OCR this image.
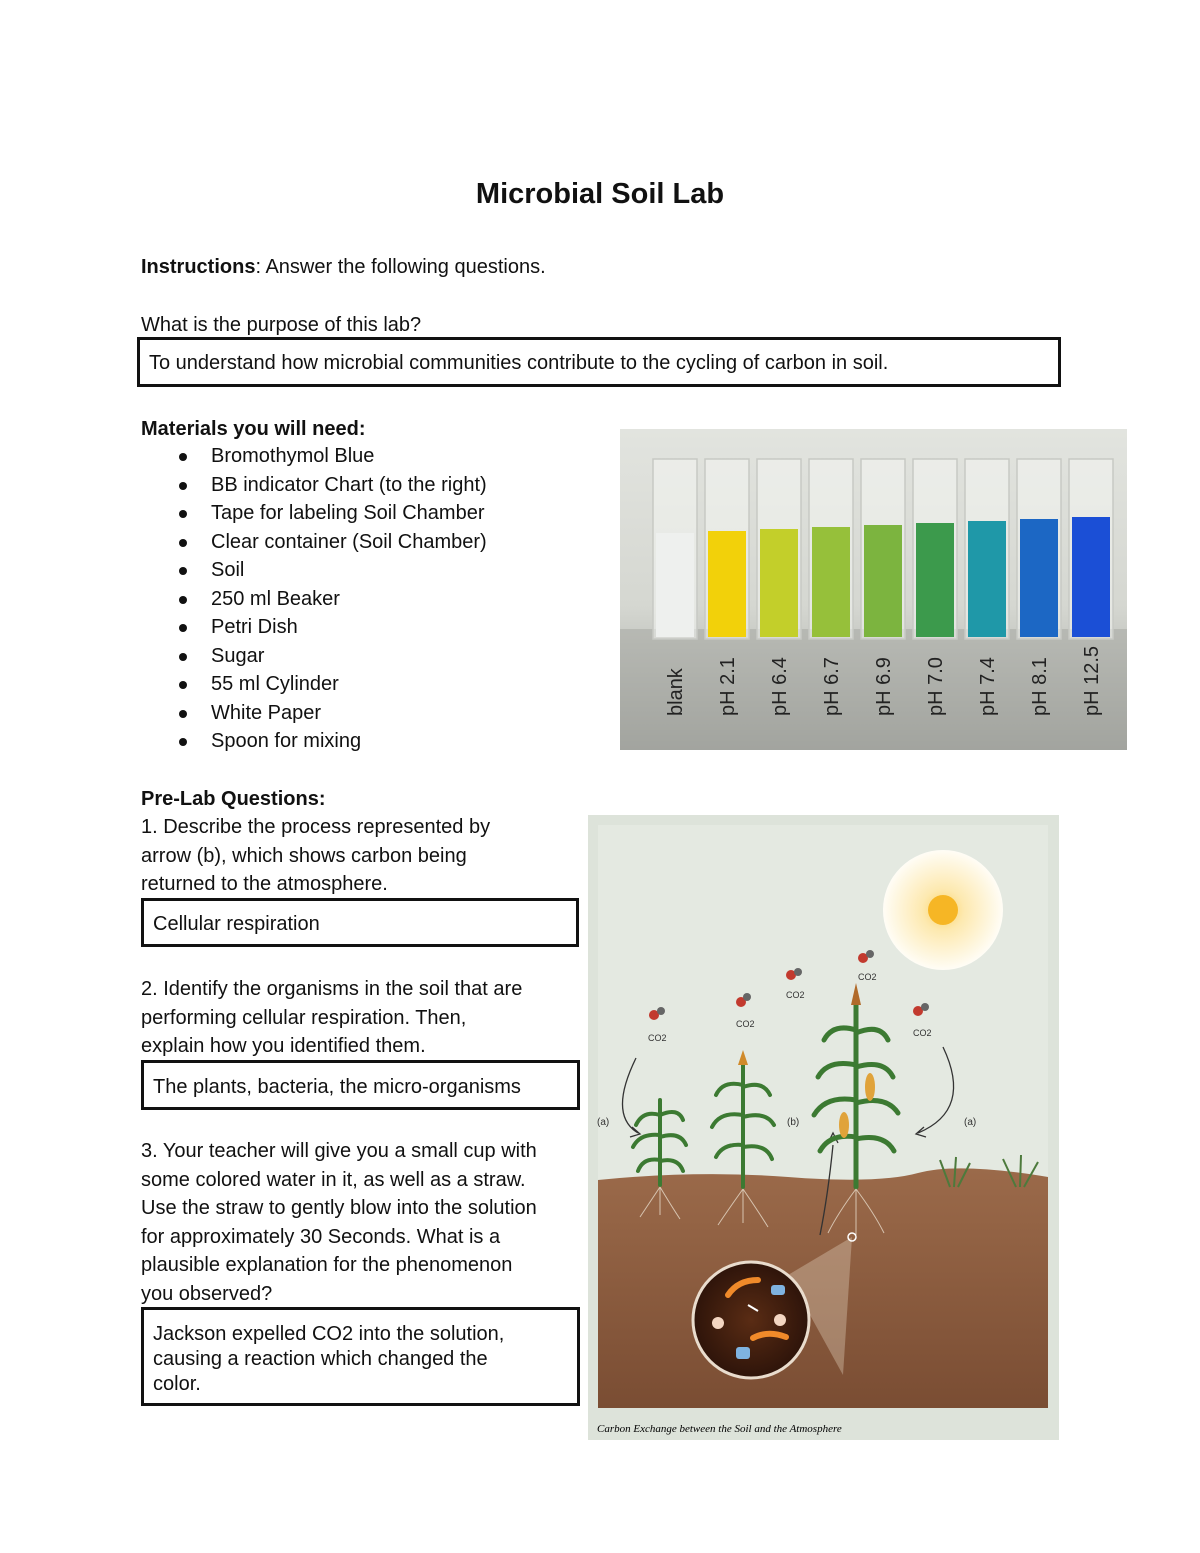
Microbial Soil Lab
Instructions: Answer the following questions.
What is the purpose of this lab?
To understand how microbial communities contribute to the cycling of carbon in soil.
Materials you will need:
Bromothymol Blue
BB indicator Chart (to the right)
Tape for labeling Soil Chamber
Clear container (Soil Chamber)
Soil
250 ml Beaker
Petri Dish
Sugar
55 ml Cylinder
White Paper
Spoon for mixing
blank pH 2.1 pH 6.4 pH 6.7 pH 6.9 pH 7.0 pH 7.4 pH 8.1 pH 12.5
Pre-Lab Questions:
1. Describe the process represented by
arrow (b), which shows carbon being
returned to the atmosphere.
Cellular respiration
2. Identify the organisms in the soil that are
performing cellular respiration. Then,
explain how you identified them.
The plants, bacteria, the micro-organisms
3. Your teacher will give you a small cup with
some colored water in it, as well as a straw.
Use the straw to gently blow into the solution
for approximately 30 Seconds. What is a
plausible explanation for the phenomenon
you observed?
Jackson expelled CO2 into the solution,
causing a reaction which changed the
color.
CO2
CO2
CO2
CO2
CO2
(a)	(a)
(b)
Carbon Exchange between the Soil and the Atmosphere
